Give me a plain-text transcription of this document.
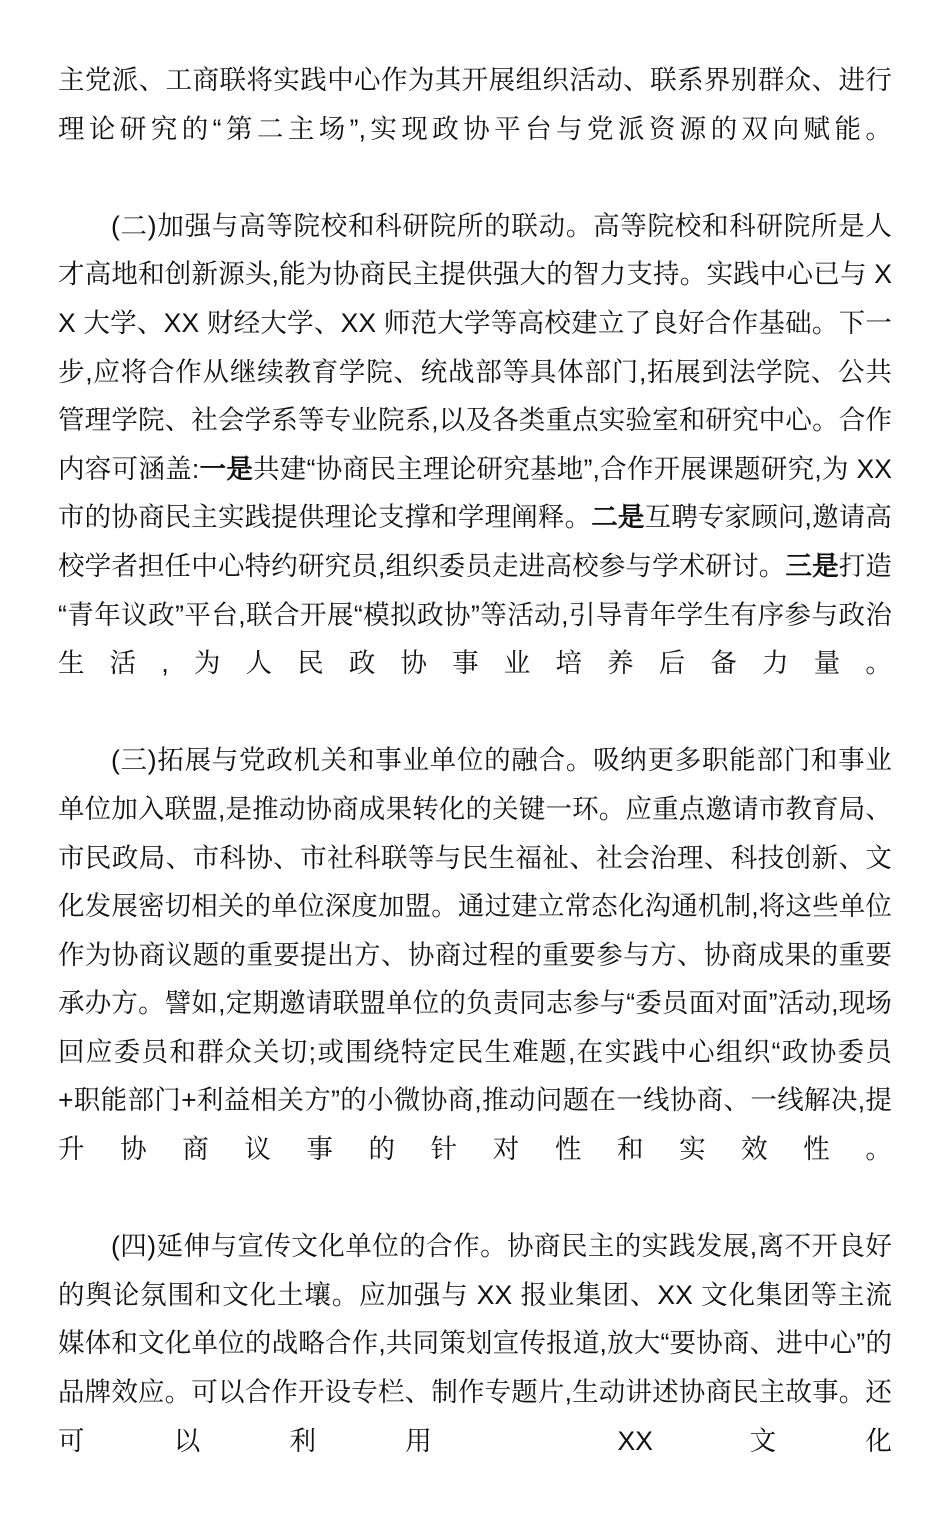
主党派、工商联将实践中心作为其开展组织活动、联系界别群众、进行理论研究的“第二主场”,实现政协平台与党派资源的双向赋能。

(二)加强与高等院校和科研院所的联动。高等院校和科研院所是人才高地和创新源头,能为协商民主提供强大的智力支持。实践中心已与 XX 大学、XX 财经大学、XX 师范大学等高校建立了良好合作基础。下一步,应将合作从继续教育学院、统战部等具体部门,拓展到法学院、公共管理学院、社会学系等专业院系,以及各类重点实验室和研究中心。合作内容可涵盖:一是共建“协商民主理论研究基地”,合作开展课题研究,为 XX 市的协商民主实践提供理论支撑和学理阐释。二是互聘专家顾问,邀请高校学者担任中心特约研究员,组织委员走进高校参与学术研讨。三是打造“青年议政”平台,联合开展“模拟政协”等活动,引导青年学生有序参与政治生活,为人民政协事业培养后备力量。

(三)拓展与党政机关和事业单位的融合。吸纳更多职能部门和事业单位加入联盟,是推动协商成果转化的关键一环。应重点邀请市教育局、市民政局、市科协、市社科联等与民生福祉、社会治理、科技创新、文化发展密切相关的单位深度加盟。通过建立常态化沟通机制,将这些单位作为协商议题的重要提出方、协商过程的重要参与方、协商成果的重要承办方。譬如,定期邀请联盟单位的负责同志参与“委员面对面”活动,现场回应委员和群众关切;或围绕特定民生难题,在实践中心组织“政协委员+职能部门+利益相关方”的小微协商,推动问题在一线协商、一线解决,提升协商议事的针对性和实效性。

(四)延伸与宣传文化单位的合作。协商民主的实践发展,离不开良好的舆论氛围和文化土壤。应加强与 XX 报业集团、XX 文化集团等主流媒体和文化单位的战略合作,共同策划宣传报道,放大“要协商、进中心”的品牌效应。可以合作开设专栏、制作专题片,生动讲述协商民主故事。还可以利用 XX 文化
